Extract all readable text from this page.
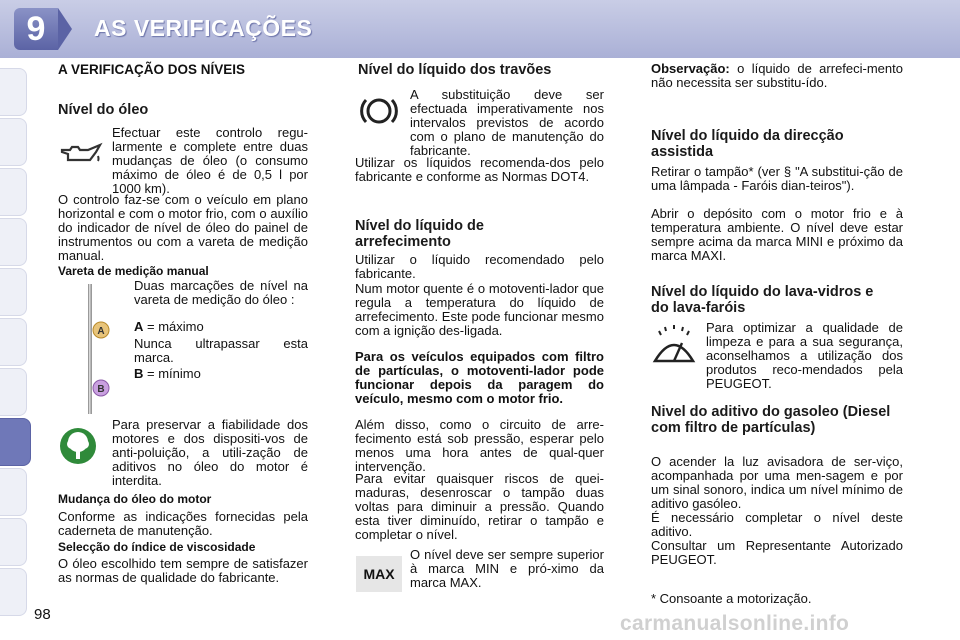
9	AS VERIFICAÇÕES
A VERIFICAÇÃO DOS NÍVEIS
Nível do óleo
Efectuar este controlo regu-larmente e complete entre duas mudanças de óleo (o consumo máximo de óleo é de 0,5 l por 1000 km).
O controlo faz-se com o veículo em plano horizontal e com o motor frio, com o auxílio do indicador de nível de óleo do painel de instrumentos ou com a vareta de medição manual.
Vareta de medição manual
A
B
Duas marcações de nível na vareta de medição do óleo :
A = máximo
Nunca ultrapassar esta marca.
B = mínimo
Para preservar a fiabilidade dos motores e dos dispositi-vos de anti-poluição, a utili-zação de aditivos no óleo do motor é interdita.
Mudança do óleo do motor
Conforme as indicações fornecidas pela caderneta de manutenção.
Selecção do índice de viscosidade
O óleo escolhido tem sempre de satisfazer as normas de qualidade do fabricante.
Nível do líquido dos travões
A substituição deve ser efectuada imperativamente nos intervalos previstos de acordo com o plano de manutenção do fabricante.
Utilizar os líquidos recomenda-dos pelo fabricante e conforme as Normas DOT4.
Nível do líquido de arrefecimento
Utilizar o líquido recomendado pelo fabricante.
Num motor quente é o motoventi-lador que regula a temperatura do líquido de arrefecimento. Este pode funcionar mesmo com a ignição des-ligada.
Para os veículos equipados com filtro de partículas, o motoventi-lador pode funcionar depois da paragem do veículo, mesmo com o motor frio.
Além disso, como o circuito de arre-fecimento está sob pressão, esperar pelo menos uma hora antes de qual-quer intervenção.
Para evitar quaisquer riscos de quei-maduras, desenroscar o tampão duas voltas para diminuir a pressão. Quando esta tiver diminuído, retirar o tampão e completar o nível.
MAX
O nível deve ser sempre superior à marca MIN e pró-ximo da marca MAX.
Observação: o líquido de arrefeci-mento não necessita ser substitu-ído.
Nível do líquido da direcção assistida
Retirar o tampão* (ver § "A substitui-ção de uma lâmpada - Faróis dian-teiros").
Abrir o depósito com o motor frio e à temperatura ambiente. O nível deve estar sempre acima da marca MINI e próximo da marca MAXI.
Nível do líquido do lava-vidros e do lava-faróis
Para optimizar a qualidade de limpeza e para a sua segurança, aconselhamos a utilização dos produtos reco-mendados pela PEUGEOT.
Nivel do aditivo do gasoleo (Diesel com filtro de partículas)
O acender la luz avisadora de ser-viço, acompanhada por uma men-sagem e por um sinal sonoro, indica um nível mínimo de aditivo gasóleo.
É necessário completar o nível deste aditivo.
Consultar um Representante Autorizado PEUGEOT.
* Consoante a motorização.
98	carmanualsonline.info
